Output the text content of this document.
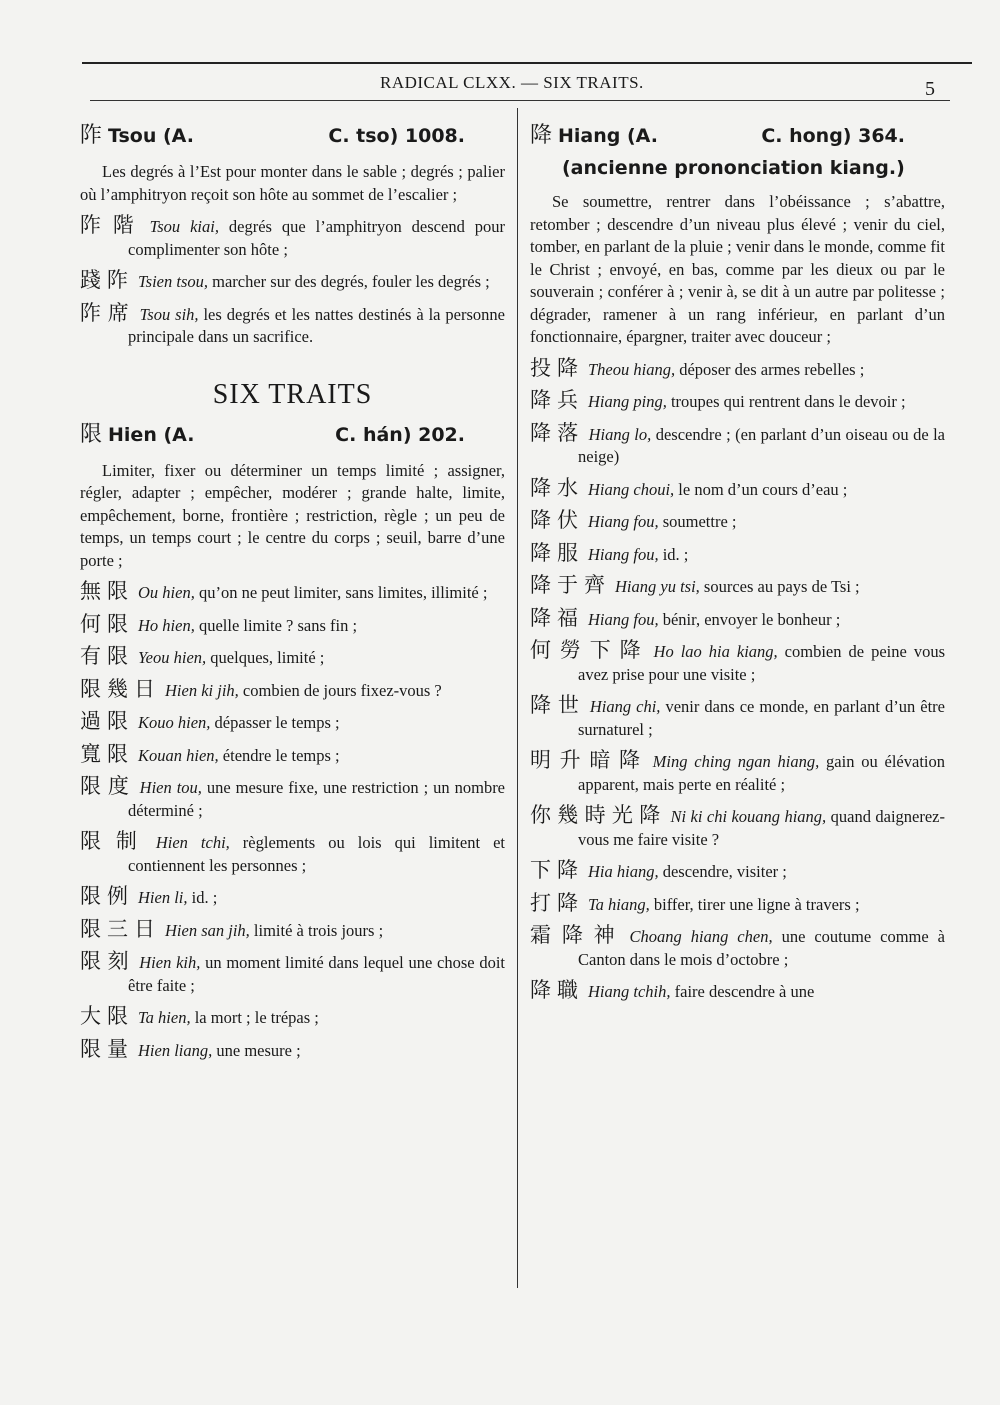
RADICAL CLXX. — SIX TRAITS.	5
阼 Tsou (A.	C. tso) 1008.
Les degrés à l’Est pour monter dans le sable ; degrés ; palier où l’amphitryon reçoit son hôte au sommet de l’escalier ;
阼階 Tsou kiai, degrés que l’amphitryon descend pour complimenter son hôte ;
踐阼 Tsien tsou, marcher sur des degrés, fouler les degrés ;
阼席 Tsou sih, les degrés et les nattes destinés à la personne principale dans un sacrifice.
SIX TRAITS
限 Hien (A.	C. hán) 202.
Limiter, fixer ou déterminer un temps limité ; assigner, régler, adapter ; empêcher, modérer ; grande halte, limite, empêchement, borne, frontière ; restriction, règle ; un peu de temps, un temps court ; le centre du corps ; seuil, barre d’une porte ;
無限 Ou hien, qu’on ne peut limiter, sans limites, illimité ;
何限 Ho hien, quelle limite ? sans fin ;
有限 Yeou hien, quelques, limité ;
限幾日 Hien ki jih, combien de jours fixez-vous ?
過限 Kouo hien, dépasser le temps ;
寬限 Kouan hien, étendre le temps ;
限度 Hien tou, une mesure fixe, une restriction ; un nombre déterminé ;
限制 Hien tchi, règlements ou lois qui limitent et contiennent les personnes ;
限例 Hien li, id. ;
限三日 Hien san jih, limité à trois jours ;
限刻 Hien kih, un moment limité dans lequel une chose doit être faite ;
大限 Ta hien, la mort ; le trépas ;
限量 Hien liang, une mesure ;
降 Hiang (A.	C. hong) 364.
(ancienne prononciation kiang.)
Se soumettre, rentrer dans l’obéissance ; s’abattre, retomber ; descendre d’un niveau plus élevé ; venir du ciel, tomber, en parlant de la pluie ; venir dans le monde, comme fit le Christ ; envoyé, en bas, comme par les dieux ou par le souverain ; conférer à ; venir à, se dit à un autre par politesse ; dégrader, ramener à un rang inférieur, en parlant d’un fonctionnaire, épargner, traiter avec douceur ;
投降 Theou hiang, déposer des armes rebelles ;
降兵 Hiang ping, troupes qui rentrent dans le devoir ;
降落 Hiang lo, descendre ; (en parlant d’un oiseau ou de la neige)
降水 Hiang choui, le nom d’un cours d’eau ;
降伏 Hiang fou, soumettre ;
降服 Hiang fou, id. ;
降于齊 Hiang yu tsi, sources au pays de Tsi ;
降福 Hiang fou, bénir, envoyer le bonheur ;
何勞下降 Ho lao hia kiang, combien de peine vous avez prise pour une visite ;
降世 Hiang chi, venir dans ce monde, en parlant d’un être surnaturel ;
明升暗降 Ming ching ngan hiang, gain ou élévation apparent, mais perte en réalité ;
你幾時光降 Ni ki chi kouang hiang, quand daignerez-vous me faire visite ?
下降 Hia hiang, descendre, visiter ;
打降 Ta hiang, biffer, tirer une ligne à travers ;
霜降神 Choang hiang chen, une coutume comme à Canton dans le mois d’octobre ;
降職 Hiang tchih, faire descendre à une
